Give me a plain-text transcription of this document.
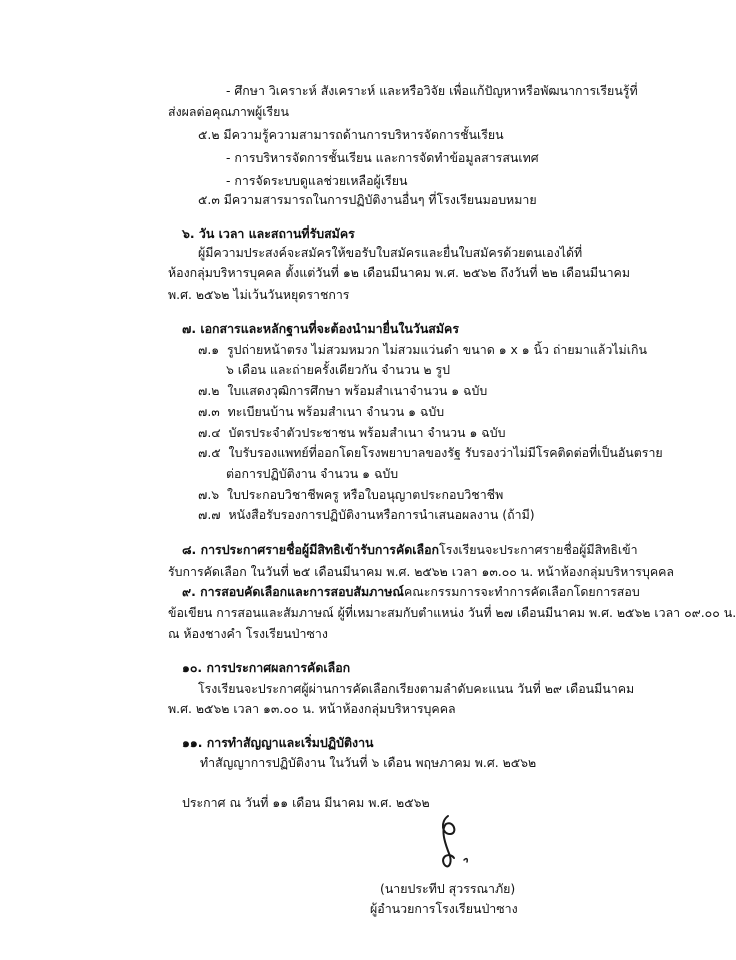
- ศึกษา วิเคราะห์ สังเคราะห์ และหรือวิจัย เพื่อแก้ปัญหาหรือพัฒนาการเรียนรู้ที่
ส่งผลต่อคุณภาพผู้เรียน
๕.๒ มีความรู้ความสามารถด้านการบริหารจัดการชั้นเรียน
- การบริหารจัดการชั้นเรียน และการจัดทำข้อมูลสารสนเทศ
- การจัดระบบดูแลช่วยเหลือผู้เรียน
๕.๓ มีความสารมารถในการปฏิบัติงานอื่นๆ ที่โรงเรียนมอบหมาย
๖. วัน เวลา และสถานที่รับสมัคร
ผู้มีความประสงค์จะสมัครให้ขอรับใบสมัครและยื่นใบสมัครด้วยตนเองได้ที่
ห้องกลุ่มบริหารบุคคล ตั้งแต่วันที่ ๑๒ เดือนมีนาคม พ.ศ. ๒๕๖๒ ถึงวันที่ ๒๒ เดือนมีนาคม
พ.ศ. ๒๕๖๒ ไม่เว้นวันหยุดราชการ
๗. เอกสารและหลักฐานที่จะต้องนำมายื่นในวันสมัคร
๗.๑ รูปถ่ายหน้าตรง ไม่สวมหมวก ไม่สวมแว่นดำ ขนาด ๑ x ๑ นิ้ว ถ่ายมาแล้วไม่เกิน
๖ เดือน และถ่ายครั้งเดียวกัน จำนวน ๒ รูป
๗.๒ ใบแสดงวุฒิการศึกษา พร้อมสำเนาจำนวน ๑ ฉบับ
๗.๓ ทะเบียนบ้าน พร้อมสำเนา จำนวน ๑ ฉบับ
๗.๔ บัตรประจำตัวประชาชน พร้อมสำเนา จำนวน ๑ ฉบับ
๗.๕ ใบรับรองแพทย์ที่ออกโดยโรงพยาบาลของรัฐ รับรองว่าไม่มีโรคติดต่อที่เป็นอันตราย
ต่อการปฏิบัติงาน จำนวน ๑ ฉบับ
๗.๖ ใบประกอบวิชาชีพครู หรือใบอนุญาตประกอบวิชาชีพ
๗.๗ หนังสือรับรองการปฏิบัติงานหรือการนำเสนอผลงาน (ถ้ามี)
๘. การประกาศรายชื่อผู้มีสิทธิเข้ารับการคัดเลือก โรงเรียนจะประกาศรายชื่อผู้มีสิทธิเข้า
รับการคัดเลือก ในวันที่ ๒๕ เดือนมีนาคม พ.ศ. ๒๕๖๒ เวลา ๑๓.๐๐ น. หน้าห้องกลุ่มบริหารบุคคล
๙. การสอบคัดเลือกและการสอบสัมภาษณ์ คณะกรรมการจะทำการคัดเลือกโดยการสอบ
ข้อเขียน การสอนและสัมภาษณ์ ผู้ที่เหมาะสมกับตำแหน่ง วันที่ ๒๗ เดือนมีนาคม พ.ศ. ๒๕๖๒ เวลา ๐๙.๐๐ น.
ณ ห้องชางคำ โรงเรียนป่าซาง
๑๐. การประกาศผลการคัดเลือก
โรงเรียนจะประกาศผู้ผ่านการคัดเลือกเรียงตามลำดับคะแนน วันที่ ๒๙ เดือนมีนาคม
พ.ศ. ๒๕๖๒ เวลา ๑๓.๐๐ น. หน้าห้องกลุ่มบริหารบุคคล
๑๑. การทำสัญญาและเริ่มปฏิบัติงาน
ทำสัญญาการปฏิบัติงาน ในวันที่ ๖ เดือน พฤษภาคม พ.ศ. ๒๕๖๒
ประกาศ ณ วันที่ ๑๑ เดือน มีนาคม พ.ศ. ๒๕๖๒
(นายประทีป สุวรรณาภัย)
ผู้อำนวยการโรงเรียนป่าซาง
